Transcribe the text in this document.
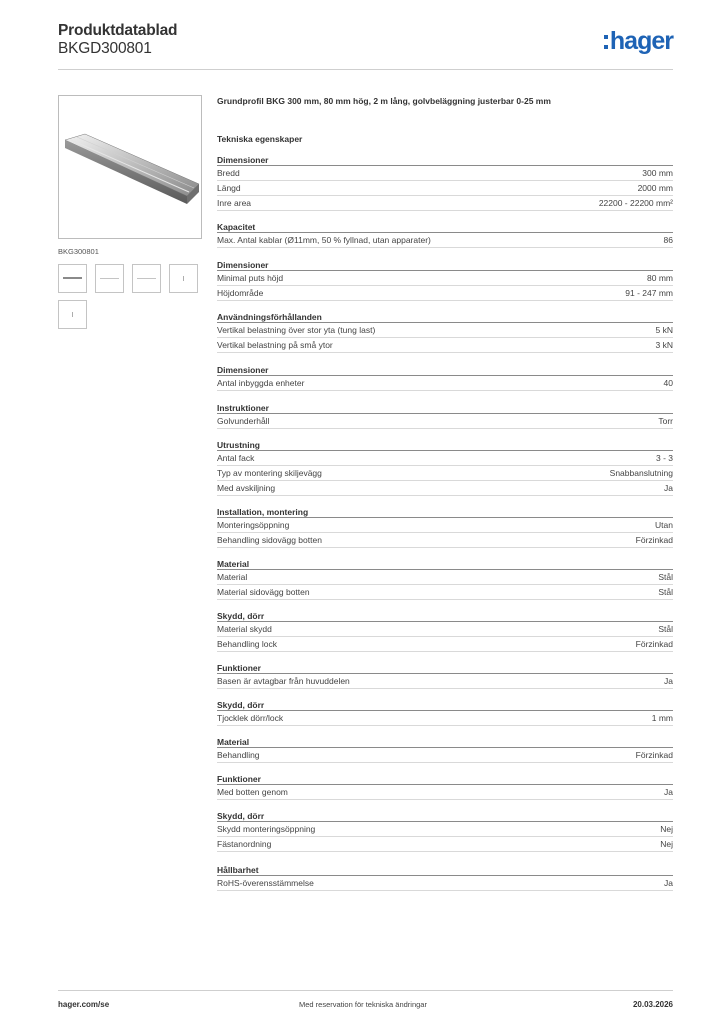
Produktdatablad
BKGD300801	hager
BKG300801
Grundprofil BKG 300 mm, 80 mm hög, 2 m lång, golvbeläggning justerbar 0-25 mm
Tekniska egenskaper
Dimensioner
Bredd	300 mm
Längd	2000 mm
Inre area	22200 - 22200 mm²
Kapacitet
Max. Antal kablar (Ø11mm, 50 % fyllnad, utan apparater)	86
Dimensioner
Minimal puts höjd	80 mm
Höjdområde	91 - 247 mm
Användningsförhållanden
Vertikal belastning över stor yta (tung last)	5 kN
Vertikal belastning på små ytor	3 kN
Dimensioner
Antal inbyggda enheter	40
Instruktioner
Golvunderhåll	Torr
Utrustning
Antal fack	3 - 3
Typ av montering skiljevägg	Snabbanslutning
Med avskiljning	Ja
Installation, montering
Monteringsöppning	Utan
Behandling sidovägg botten	Förzinkad
Material
Material	Stål
Material sidovägg botten	Stål
Skydd, dörr
Material skydd	Stål
Behandling lock	Förzinkad
Funktioner
Basen är avtagbar från huvuddelen	Ja
Skydd, dörr
Tjocklek dörr/lock	1 mm
Material
Behandling	Förzinkad
Funktioner
Med botten genom	Ja
Skydd, dörr
Skydd monteringsöppning	Nej
Fästanordning	Nej
Hållbarhet
RoHS-överensstämmelse	Ja
hager.com/se	Med reservation för tekniska ändringar	20.03.2026
